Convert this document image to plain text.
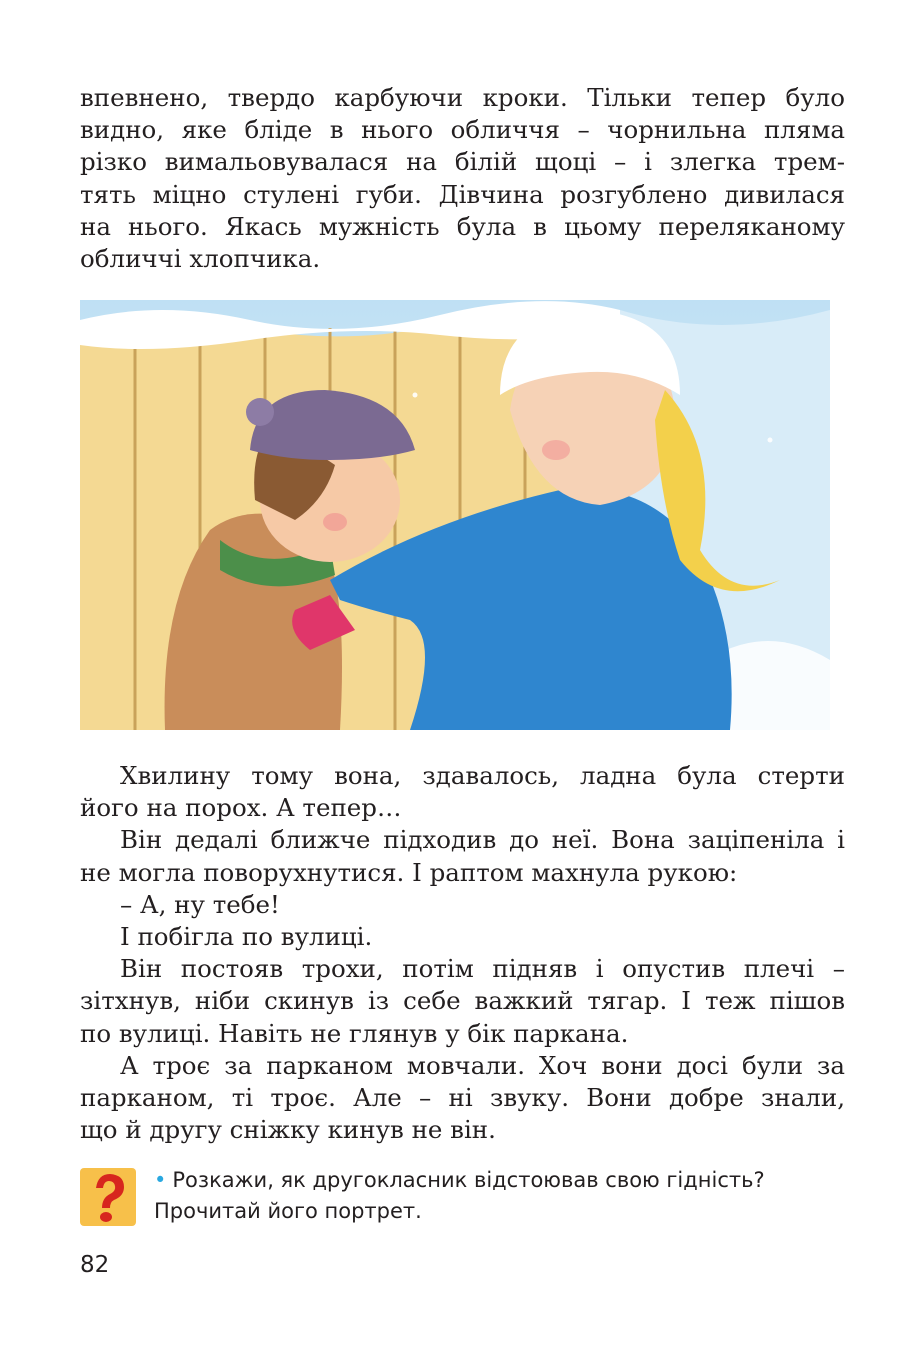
впевнено, твердо карбуючи кроки. Тільки тепер було
видно, яке бліде в нього обличчя – чорнильна пляма
різко вимальовувалася на білій щоці – і злегка трем-
тять міцно стулені губи. Дівчина розгублено дивилася
на нього. Якась мужність була в цьому переляканому
обличчі хлопчика.
Хвилину тому вона, здавалось, ладна була стерти
його на порох. А тепер…
Він дедалі ближче підходив до неї. Вона заціпеніла і
не могла поворухнутися. І раптом махнула рукою:
– А, ну тебе!
І побігла по вулиці.
Він постояв трохи, потім підняв і опустив плечі –
зітхнув, ніби скинув із себе важкий тягар. І теж пішов
по вулиці. Навіть не глянув у бік паркана.
А троє за парканом мовчали. Хоч вони досі були за
парканом, ті троє. Але – ні звуку. Вони добре знали,
що й другу сніжку кинув не він.
• Розкажи, як другокласник відстоював свою гідність?
Прочитай його портрет.
82
